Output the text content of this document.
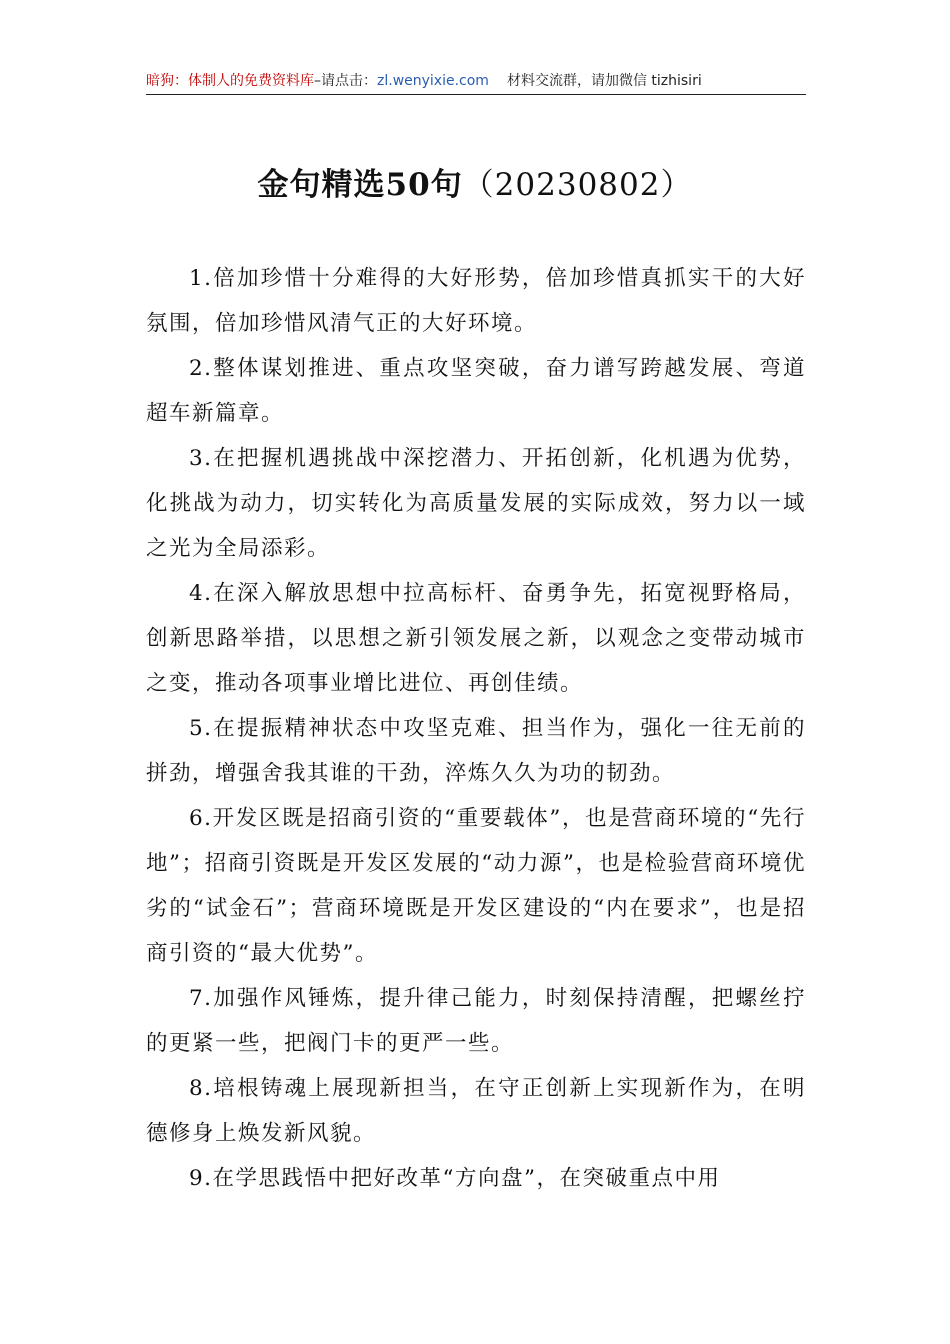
暗狗：体制人的免费资料库–请点击：zl.wenyixie.com 材料交流群，请加微信 tizhisiri
金句精选50句（20230802）

1.倍加珍惜十分难得的大好形势，倍加珍惜真抓实干的大好氛围，倍加珍惜风清气正的大好环境。

2.整体谋划推进、重点攻坚突破，奋力谱写跨越发展、弯道超车新篇章。

3.在把握机遇挑战中深挖潜力、开拓创新，化机遇为优势，化挑战为动力，切实转化为高质量发展的实际成效，努力以一域之光为全局添彩。

4.在深入解放思想中拉高标杆、奋勇争先，拓宽视野格局，创新思路举措，以思想之新引领发展之新，以观念之变带动城市之变，推动各项事业增比进位、再创佳绩。

5.在提振精神状态中攻坚克难、担当作为，强化一往无前的拼劲，增强舍我其谁的干劲，淬炼久久为功的韧劲。

6.开发区既是招商引资的“重要载体”，也是营商环境的“先行地”；招商引资既是开发区发展的“动力源”，也是检验营商环境优劣的“试金石”；营商环境既是开发区建设的“内在要求”，也是招商引资的“最大优势”。

7.加强作风锤炼，提升律己能力，时刻保持清醒，把螺丝拧的更紧一些，把阀门卡的更严一些。

8.培根铸魂上展现新担当，在守正创新上实现新作为，在明德修身上焕发新风貌。

9.在学思践悟中把好改革“方向盘”，在突破重点中用
